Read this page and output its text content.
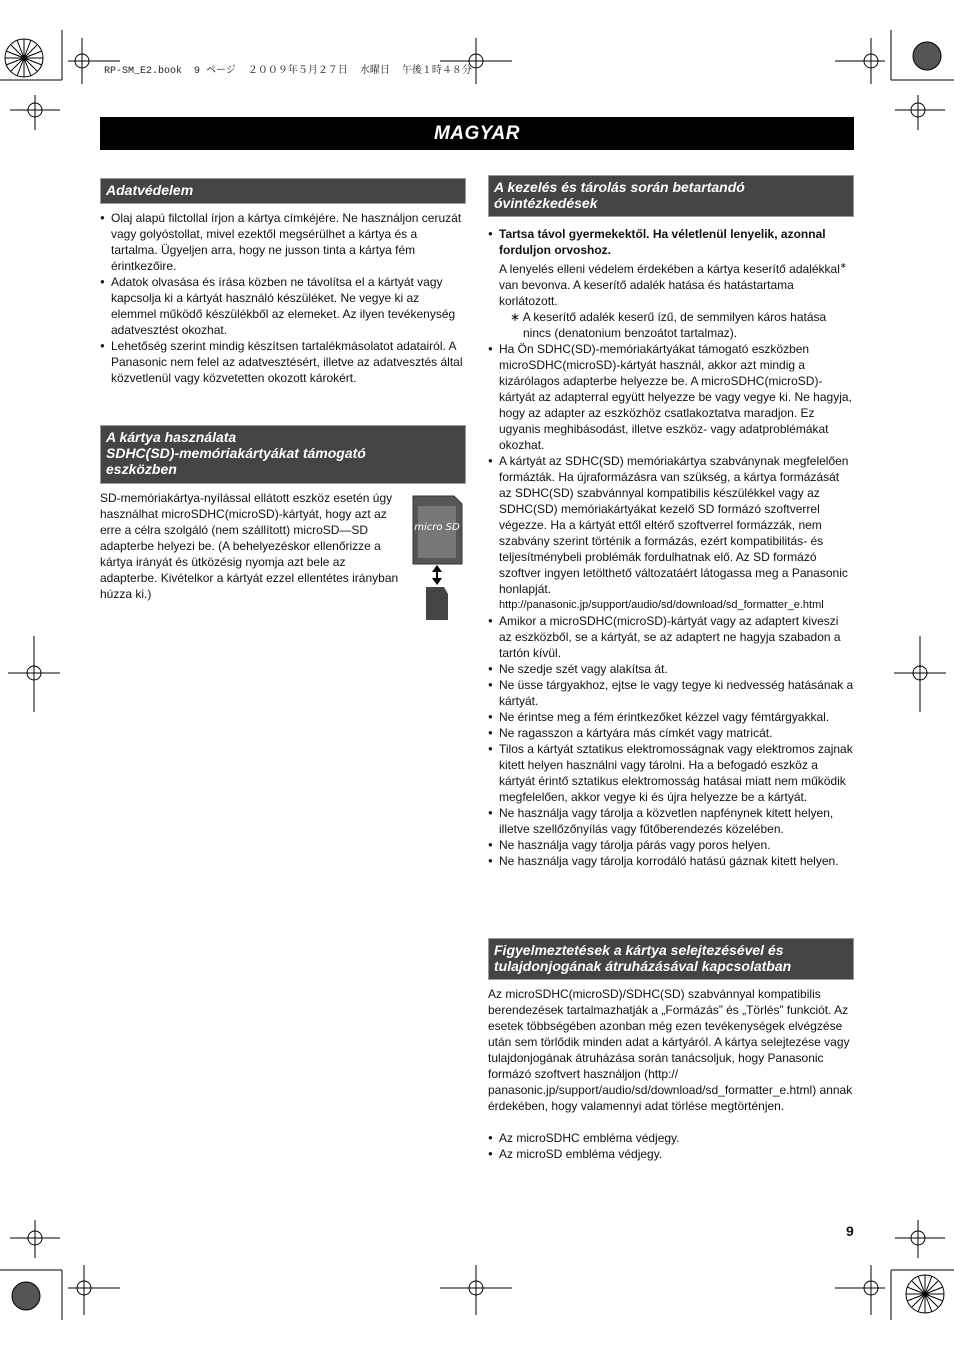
RP-SM_E2.book  9 ページ  ２００９年５月２７日  水曜日  午後１時４８分
MAGYAR
Adatvédelem
● Olaj alapú filctollal írjon a kártya címkéjére. Ne használjon ceruzát vagy golyóstollat, mivel ezektől megsérülhet a kártya és a tartalma. Ügyeljen arra, hogy ne jusson tinta a kártya fém érintkezőire.
● Adatok olvasása és írása közben ne távolítsa el a kártyát vagy kapcsolja ki a kártyát használó készüléket. Ne vegye ki az elemmel működő készülékből az elemeket. Az ilyen tevékenység adatvesztést okozhat.
● Lehetőség szerint mindig készítsen tartalékmásolatot adatairól. A Panasonic nem felel az adatvesztésért, illetve az adatvesztés által közvetlenül vagy közvetetten okozott károkért.
A kártya használata
SDHC(SD)-memóriakártyákat támogató
eszközben

SD-memóriakártya-nyílással ellátott eszköz esetén úgy használhat microSDHC(microSD)-kártyát, hogy azt az erre a célra szolgáló (nem szállított) microSD—SD adapterbe helyezi be. (A behelyezéskor ellenőrizze a kártya irányát és ütközésig nyomja azt bele az adapterbe. Kivételkor a kártyát ezzel ellentétes irányban húzza ki.)

micro SD
A kezelés és tárolás során betartandó
óvintézkedések
● Tartsa távol gyermekektől. Ha véletlenül lenyelik, azonnal forduljon orvoshoz.
A lenyelés elleni védelem érdekében a kártya keserítő adalékkal∗ van bevonva. A keserítő adalék hatása és hatástartama korlátozott.
∗ A keserítő adalék keserű ízű, de semmilyen káros hatása nincs (denatonium benzoátot tartalmaz).
● Ha Ön SDHC(SD)-memóriakártyákat támogató eszközben microSDHC(microSD)-kártyát használ, akkor azt mindig a kizárólagos adapterbe helyezze be. A microSDHC(microSD)-kártyát az adapterral együtt helyezze be vagy vegye ki. Ne hagyja, hogy az adapter az eszközhöz csatlakoztatva maradjon. Ez ugyanis meghibásodást, illetve eszköz- vagy adatproblémákat okozhat.
● A kártyát az SDHC(SD) memóriakártya szabványnak megfelelően formázták. Ha újraformázásra van szükség, a kártya formázását az SDHC(SD) szabvánnyal kompatibilis készülékkel vagy az SDHC(SD) memóriakártyákat kezelő SD formázó szoftverrel végezze. Ha a kártyát ettől eltérő szoftverrel formázzák, nem szabvány szerint történik a formázás, ezért kompatibilitás- és teljesítménybeli problémák fordulhatnak elő. Az SD formázó szoftver ingyen letölthető változatáért látogassa meg a Panasonic honlapját.
http://panasonic.jp/support/audio/sd/download/sd_formatter_e.html
● Amikor a microSDHC(microSD)-kártyát vagy az adaptert kiveszi az eszközből, se a kártyát, se az adaptert ne hagyja szabadon a tartón kívül.
● Ne szedje szét vagy alakítsa át.
● Ne üsse tárgyakhoz, ejtse le vagy tegye ki nedvesség hatásának a kártyát.
● Ne érintse meg a fém érintkezőket kézzel vagy fémtárgyakkal.
● Ne ragasszon a kártyára más címkét vagy matricát.
● Tilos a kártyát sztatikus elektromosságnak vagy elektromos zajnak kitett helyen használni vagy tárolni. Ha a befogadó eszköz a kártyát érintő sztatikus elektromosság hatásai miatt nem működik megfelelően, akkor vegye ki és újra helyezze be a kártyát.
● Ne használja vagy tárolja a közvetlen napfénynek kitett helyen, illetve szellőzőnyílás vagy fűtőberendezés közelében.
● Ne használja vagy tárolja párás vagy poros helyen.
● Ne használja vagy tárolja korrodáló hatású gáznak kitett helyen.
Figyelmeztetések a kártya selejtezésével és
tulajdonjogának átruházásával kapcsolatban

Az microSDHC(microSD)/SDHC(SD) szabvánnyal kompatibilis berendezések tartalmazhatják a „Formázás” és „Törlés” funkciót. Az esetek többségében azonban még ezen tevékenységek elvégzése után sem törlődik minden adat a kártyáról. A kártya selejtezése vagy tulajdonjogának átruházása során tanácsoljuk, hogy Panasonic formázó szoftvert használjon (http:// panasonic.jp/support/audio/sd/download/sd_formatter_e.html) annak érdekében, hogy valamennyi adat törlése megtörténjen.

● Az microSDHC embléma védjegy.
● Az microSD embléma védjegy.
9
